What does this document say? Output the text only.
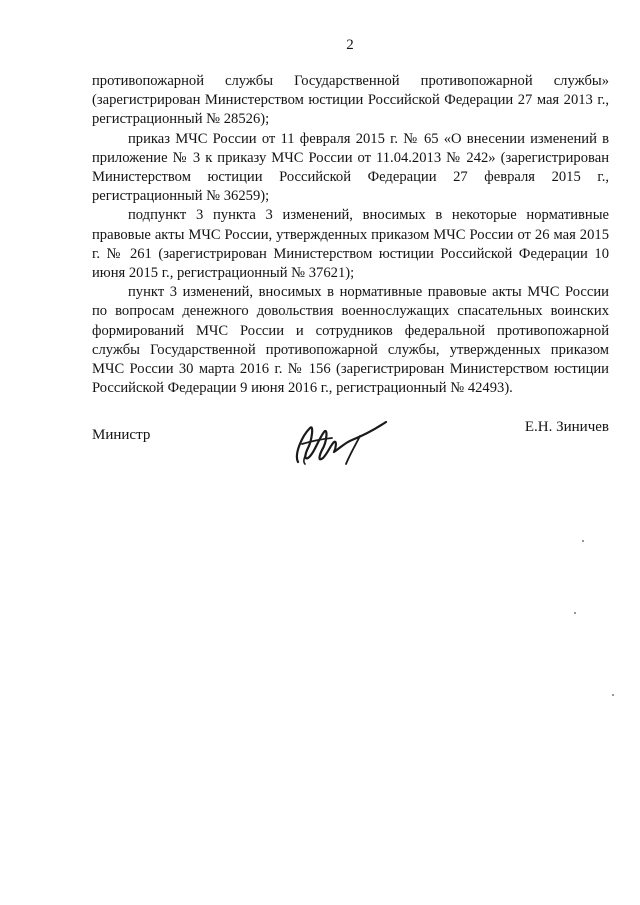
2

противопожарной службы Государственной противопожарной службы» (зарегистрирован Министерством юстиции Российской Федерации 27 мая 2013 г., регистрационный № 28526);

приказ МЧС России от 11 февраля 2015 г. № 65 «О внесении изменений в приложение № 3 к приказу МЧС России от 11.04.2013 № 242» (зарегистрирован Министерством юстиции Российской Федерации 27 февраля 2015 г., регистрационный № 36259);

подпункт 3 пункта 3 изменений, вносимых в некоторые нормативные правовые акты МЧС России, утвержденных приказом МЧС России от 26 мая 2015 г. № 261 (зарегистрирован Министерством юстиции Российской Федерации 10 июня 2015 г., регистрационный № 37621);

пункт 3 изменений, вносимых в нормативные правовые акты МЧС России по вопросам денежного довольствия военнослужащих спасательных воинских формирований МЧС России и сотрудников федеральной противопожарной службы Государственной противопожарной службы, утвержденных приказом МЧС России 30 марта 2016 г. № 156 (зарегистрирован Министерством юстиции Российской Федерации 9 июня 2016 г., регистрационный № 42493).

Министр	Е.Н. Зиничев
